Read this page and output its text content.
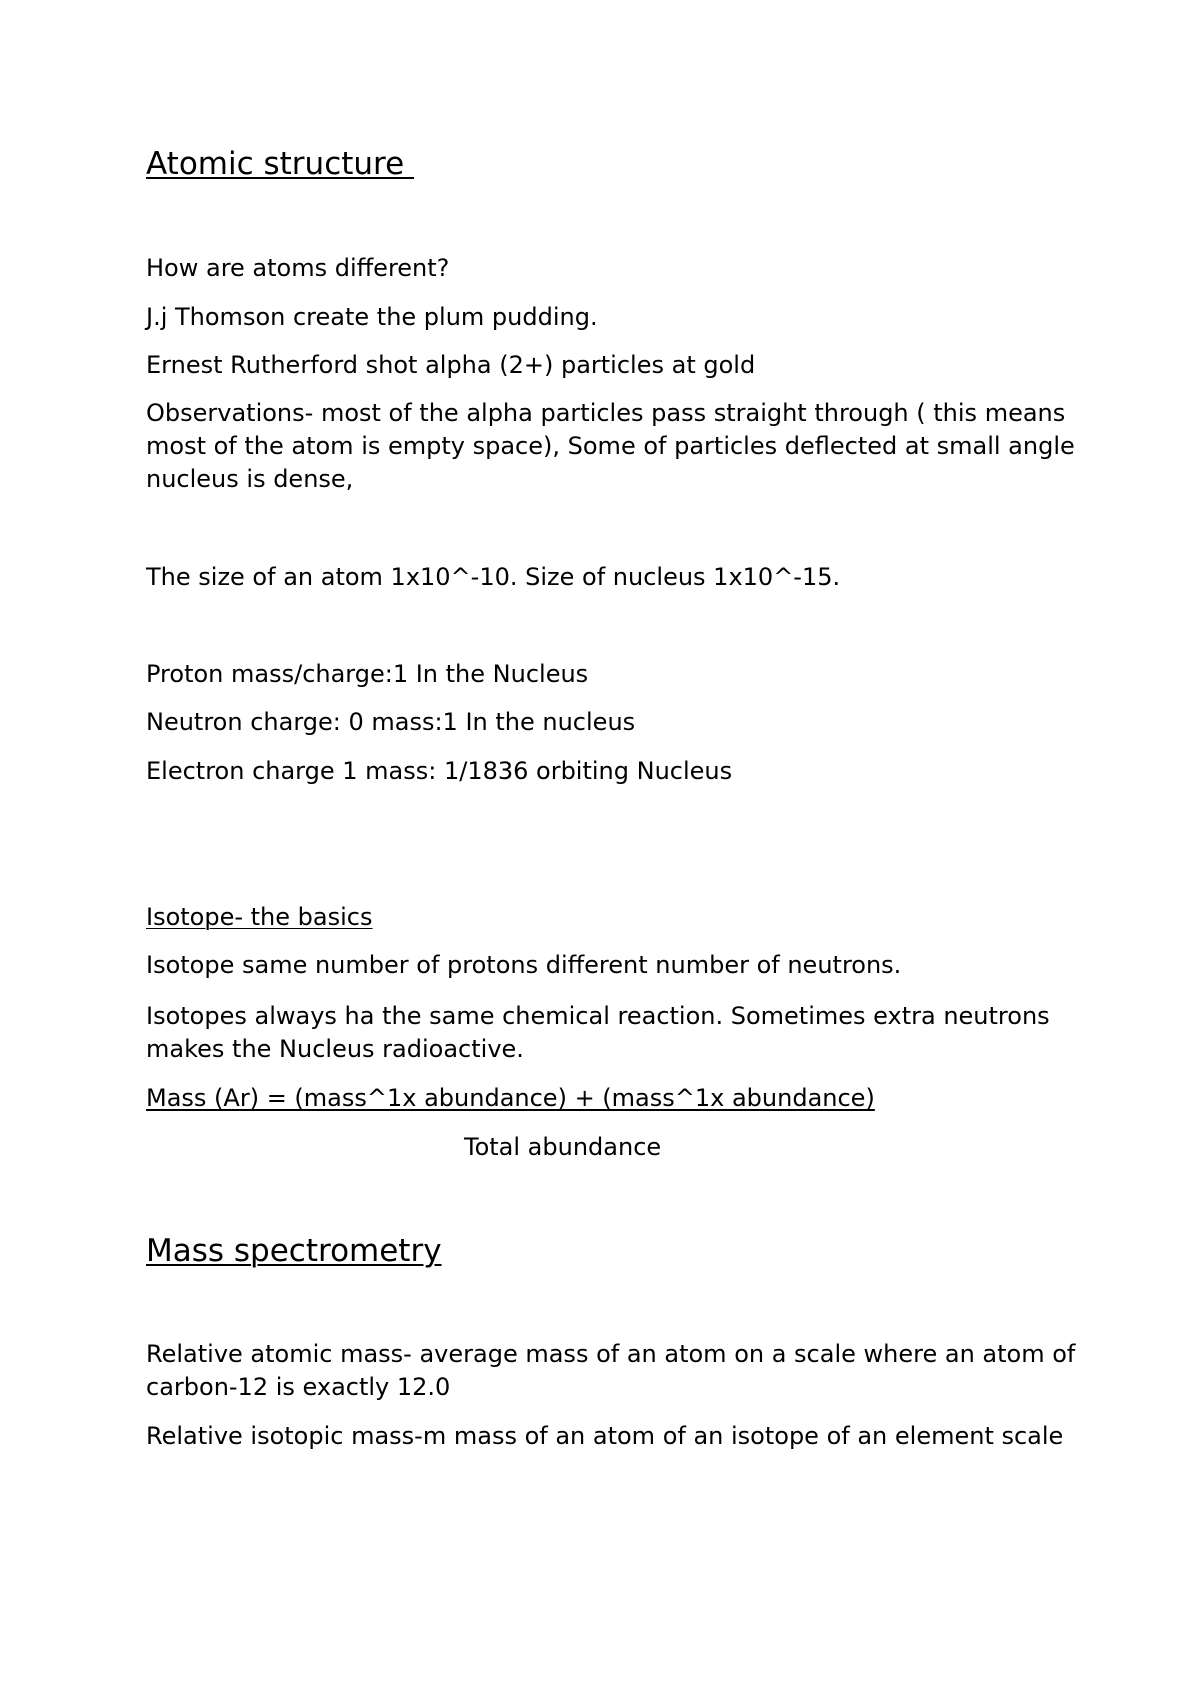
Atomic structure

How are atoms different?

J.j Thomson create the plum pudding.

Ernest Rutherford shot alpha (2+) particles at gold

Observations- most of the alpha particles pass straight through ( this means most of the atom is empty space), Some of particles deflected at small angle nucleus is dense,

The size of an atom 1x10^-10. Size of nucleus 1x10^-15.

Proton mass/charge:1 In the Nucleus

Neutron charge: 0 mass:1 In the nucleus

Electron charge 1 mass: 1/1836 orbiting Nucleus

Isotope- the basics

Isotope same number of protons different number of neutrons.

Isotopes always ha the same chemical reaction. Sometimes extra neutrons makes the Nucleus radioactive.

Mass (Ar) = (mass^1x abundance) + (mass^1x abundance)

Total abundance

Mass spectrometry

Relative atomic mass- average mass of an atom on a scale where an atom of carbon-12 is exactly 12.0

Relative isotopic mass-m mass of an atom of an isotope of an element scale
